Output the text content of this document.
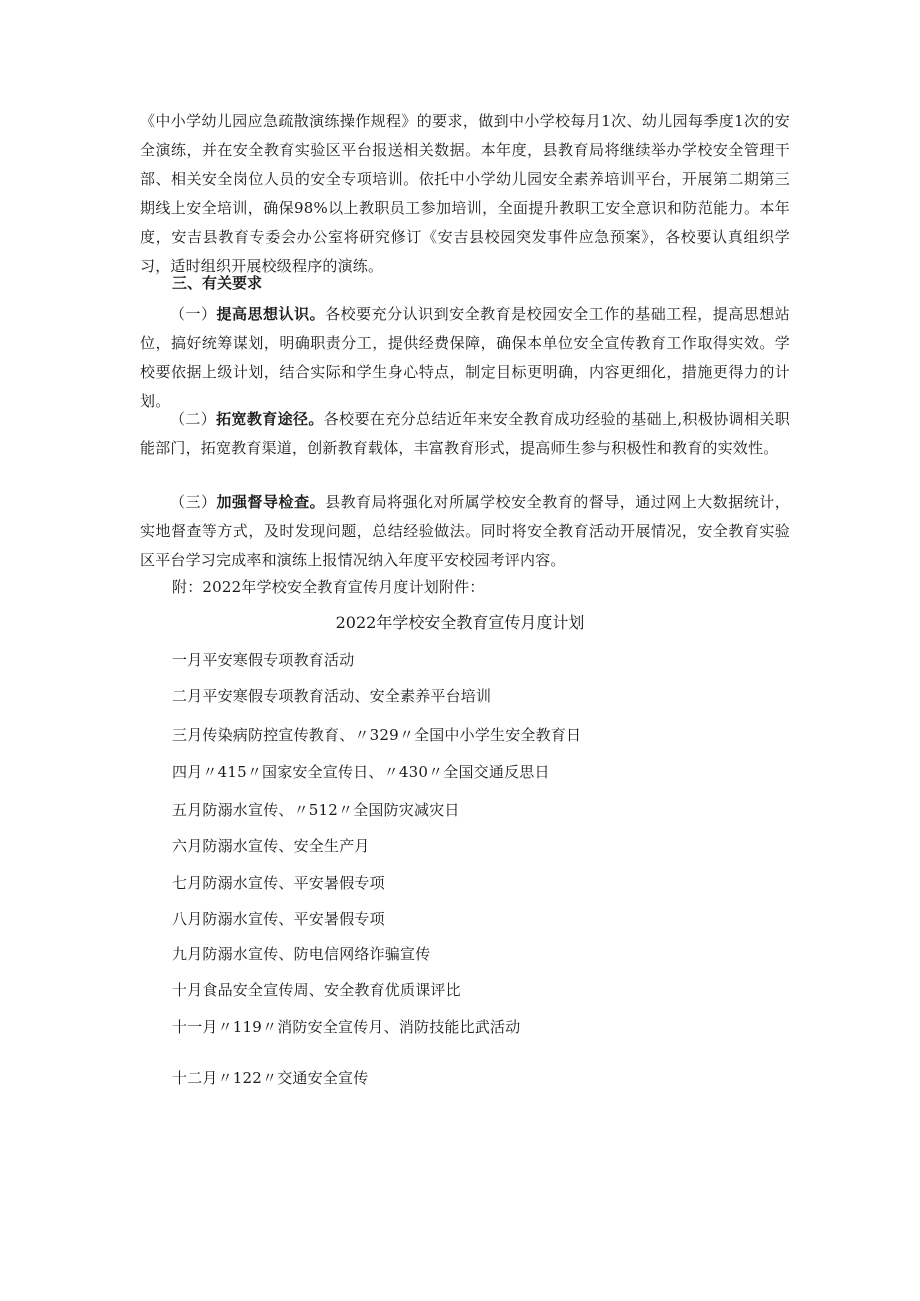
《中小学幼儿园应急疏散演练操作规程》的要求，做到中小学校每月1次、幼儿园每季度1次的安全演练，并在安全教育实验区平台报送相关数据。本年度，县教育局将继续举办学校安全管理干部、相关安全岗位人员的安全专项培训。依托中小学幼儿园安全素养培训平台，开展第二期第三期线上安全培训，确保98%以上教职员工参加培训，全面提升教职工安全意识和防范能力。本年度，安吉县教育专委会办公室将研究修订《安吉县校园突发事件应急预案》，各校要认真组织学习，适时组织开展校级程序的演练。

三、有关要求

（一）提高思想认识。各校要充分认识到安全教育是校园安全工作的基础工程，提高思想站位，搞好统筹谋划，明确职责分工，提供经费保障，确保本单位安全宣传教育工作取得实效。学校要依据上级计划，结合实际和学生身心特点，制定目标更明确，内容更细化，措施更得力的计划。

（二）拓宽教育途径。各校要在充分总结近年来安全教育成功经验的基础上,积极协调相关职能部门，拓宽教育渠道，创新教育载体，丰富教育形式，提高师生参与积极性和教育的实效性。

（三）加强督导检查。县教育局将强化对所属学校安全教育的督导，通过网上大数据统计，实地督查等方式，及时发现问题，总结经验做法。同时将安全教育活动开展情况，安全教育实验区平台学习完成率和演练上报情况纳入年度平安校园考评内容。

附：2022年学校安全教育宣传月度计划附件：
2022年学校安全教育宣传月度计划
一月平安寒假专项教育活动
二月平安寒假专项教育活动、安全素养平台培训
三月传染病防控宣传教育、〃329〃全国中小学生安全教育日
四月〃415〃国家安全宣传日、〃430〃全国交通反思日
五月防溺水宣传、〃512〃全国防灾减灾日
六月防溺水宣传、安全生产月
七月防溺水宣传、平安暑假专项
八月防溺水宣传、平安暑假专项
九月防溺水宣传、防电信网络诈骗宣传
十月食品安全宣传周、安全教育优质课评比
十一月〃119〃消防安全宣传月、消防技能比武活动
十二月〃122〃交通安全宣传
